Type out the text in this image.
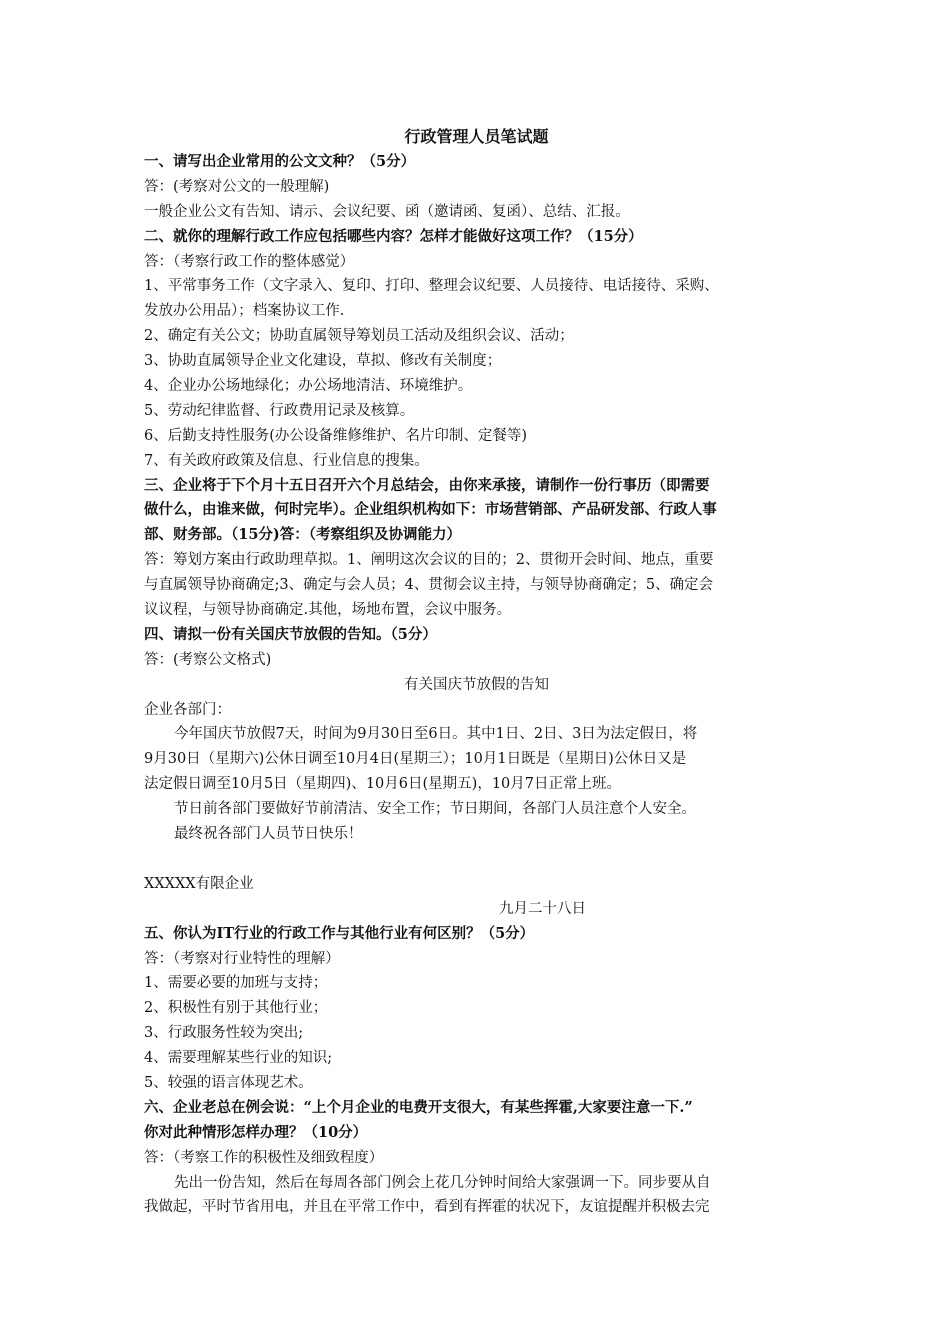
行政管理人员笔试题
一、请写出企业常用的公文文种？（5分）
答：(考察对公文的一般理解)
一般企业公文有告知、请示、会议纪要、函（邀请函、复函）、总结、汇报。
二、就你的理解行政工作应包括哪些内容？怎样才能做好这项工作？（15分）
答：（考察行政工作的整体感觉）
1、平常事务工作（文字录入、复印、打印、整理会议纪要、人员接待、电话接待、采购、
发放办公用品）；档案协议工作.
2、确定有关公文；协助直属领导筹划员工活动及组织会议、活动；
3、协助直属领导企业文化建设，草拟、修改有关制度；
4、企业办公场地绿化；办公场地清洁、环境维护。
5、劳动纪律监督、行政费用记录及核算。
6、后勤支持性服务(办公设备维修维护、名片印制、定餐等)
7、有关政府政策及信息、行业信息的搜集。
三、企业将于下个月十五日召开六个月总结会，由你来承接，请制作一份行事历（即需要
做什么，由谁来做，何时完毕）。企业组织机构如下：市场营销部、产品研发部、行政人事
部、财务部。（15分)答：（考察组织及协调能力）
答：筹划方案由行政助理草拟。1、阐明这次会议的目的；2、贯彻开会时间、地点，重要
与直属领导协商确定;3、确定与会人员；4、贯彻会议主持，与领导协商确定；5、确定会
议议程，与领导协商确定.其他，场地布置，会议中服务。
四、请拟一份有关国庆节放假的告知。（5分）
答：(考察公文格式)
有关国庆节放假的告知
企业各部门：
今年国庆节放假7天，时间为9月30日至6日。其中1日、2日、3日为法定假日，将
9月30日（星期六)公休日调至10月4日(星期三）；10月1日既是（星期日)公休日又是
法定假日调至10月5日（星期四)、10月6日(星期五)，10月7日正常上班。
节日前各部门要做好节前清洁、安全工作；节日期间，各部门人员注意个人安全。
最终祝各部门人员节日快乐！
XXXXX有限企业
九月二十八日
五、你认为IT行业的行政工作与其他行业有何区别？（5分）
答：（考察对行业特性的理解）
1、需要必要的加班与支持；
2、积极性有别于其他行业；
3、行政服务性较为突出;
4、需要理解某些行业的知识;
5、较强的语言体现艺术。
六、企业老总在例会说：“上个月企业的电费开支很大，有某些挥霍,大家要注意一下.”
你对此种情形怎样办理？（10分）
答：（考察工作的积极性及细致程度）
先出一份告知，然后在每周各部门例会上花几分钟时间给大家强调一下。同步要从自
我做起，平时节省用电，并且在平常工作中，看到有挥霍的状况下，友谊提醒并积极去完
